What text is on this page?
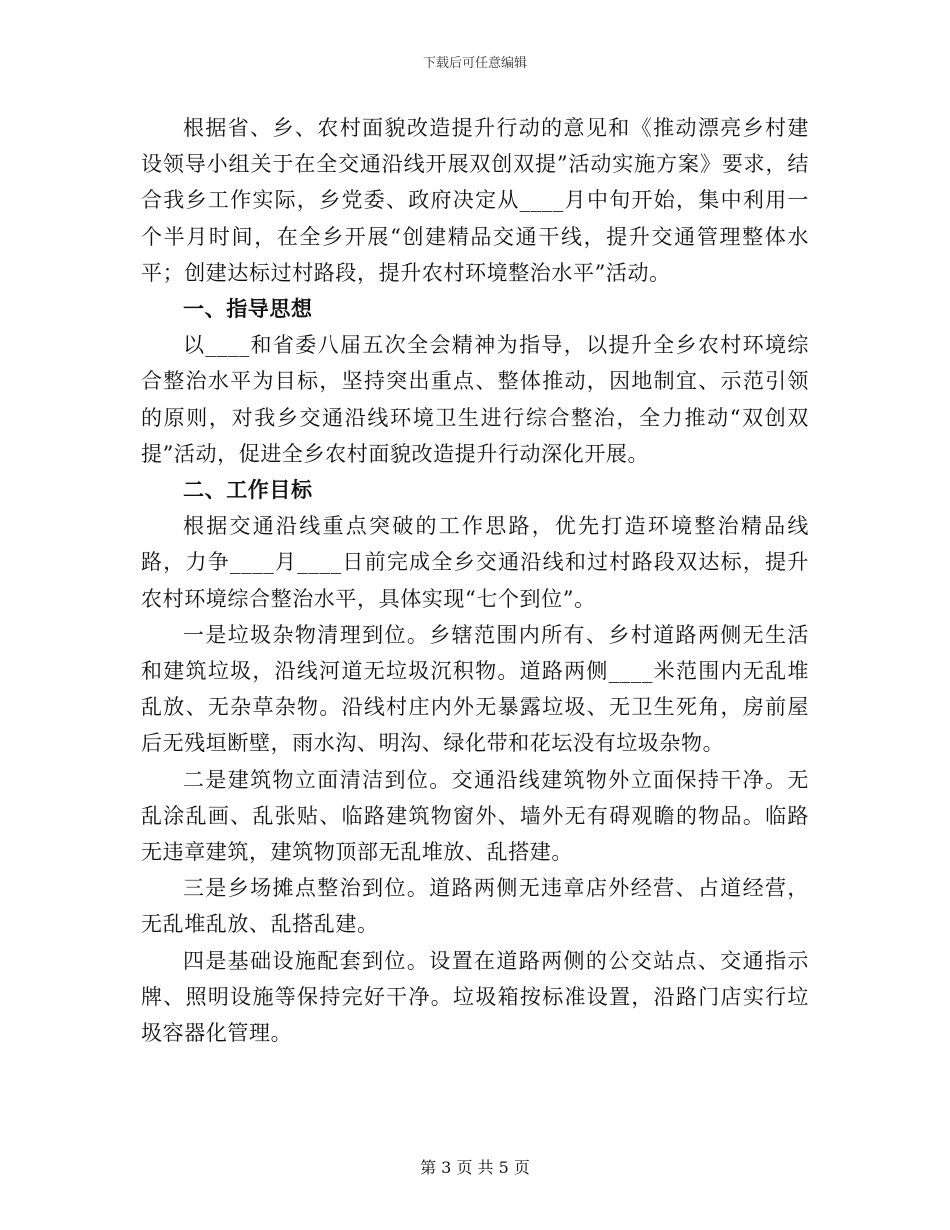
下载后可任意编辑

根据省、乡、农村面貌改造提升行动的意见和《推动漂亮乡村建设领导小组关于在全交通沿线开展双创双提”活动实施方案》要求，结合我乡工作实际，乡党委、政府决定从____月中旬开始，集中利用一个半月时间，在全乡开展“创建精品交通干线，提升交通管理整体水平；创建达标过村路段，提升农村环境整治水平”活动。

一、指导思想

以____和省委八届五次全会精神为指导，以提升全乡农村环境综合整治水平为目标，坚持突出重点、整体推动，因地制宜、示范引领的原则，对我乡交通沿线环境卫生进行综合整治，全力推动“双创双提”活动，促进全乡农村面貌改造提升行动深化开展。

二、工作目标

根据交通沿线重点突破的工作思路，优先打造环境整治精品线路，力争____月____日前完成全乡交通沿线和过村路段双达标，提升农村环境综合整治水平，具体实现“七个到位”。

一是垃圾杂物清理到位。乡辖范围内所有、乡村道路两侧无生活和建筑垃圾，沿线河道无垃圾沉积物。道路两侧____米范围内无乱堆乱放、无杂草杂物。沿线村庄内外无暴露垃圾、无卫生死角，房前屋后无残垣断壁，雨水沟、明沟、绿化带和花坛没有垃圾杂物。

二是建筑物立面清洁到位。交通沿线建筑物外立面保持干净。无乱涂乱画、乱张贴、临路建筑物窗外、墙外无有碍观瞻的物品。临路无违章建筑，建筑物顶部无乱堆放、乱搭建。

三是乡场摊点整治到位。道路两侧无违章店外经营、占道经营，无乱堆乱放、乱搭乱建。

四是基础设施配套到位。设置在道路两侧的公交站点、交通指示牌、照明设施等保持完好干净。垃圾箱按标准设置，沿路门店实行垃圾容器化管理。

第 3 页 共 5 页
